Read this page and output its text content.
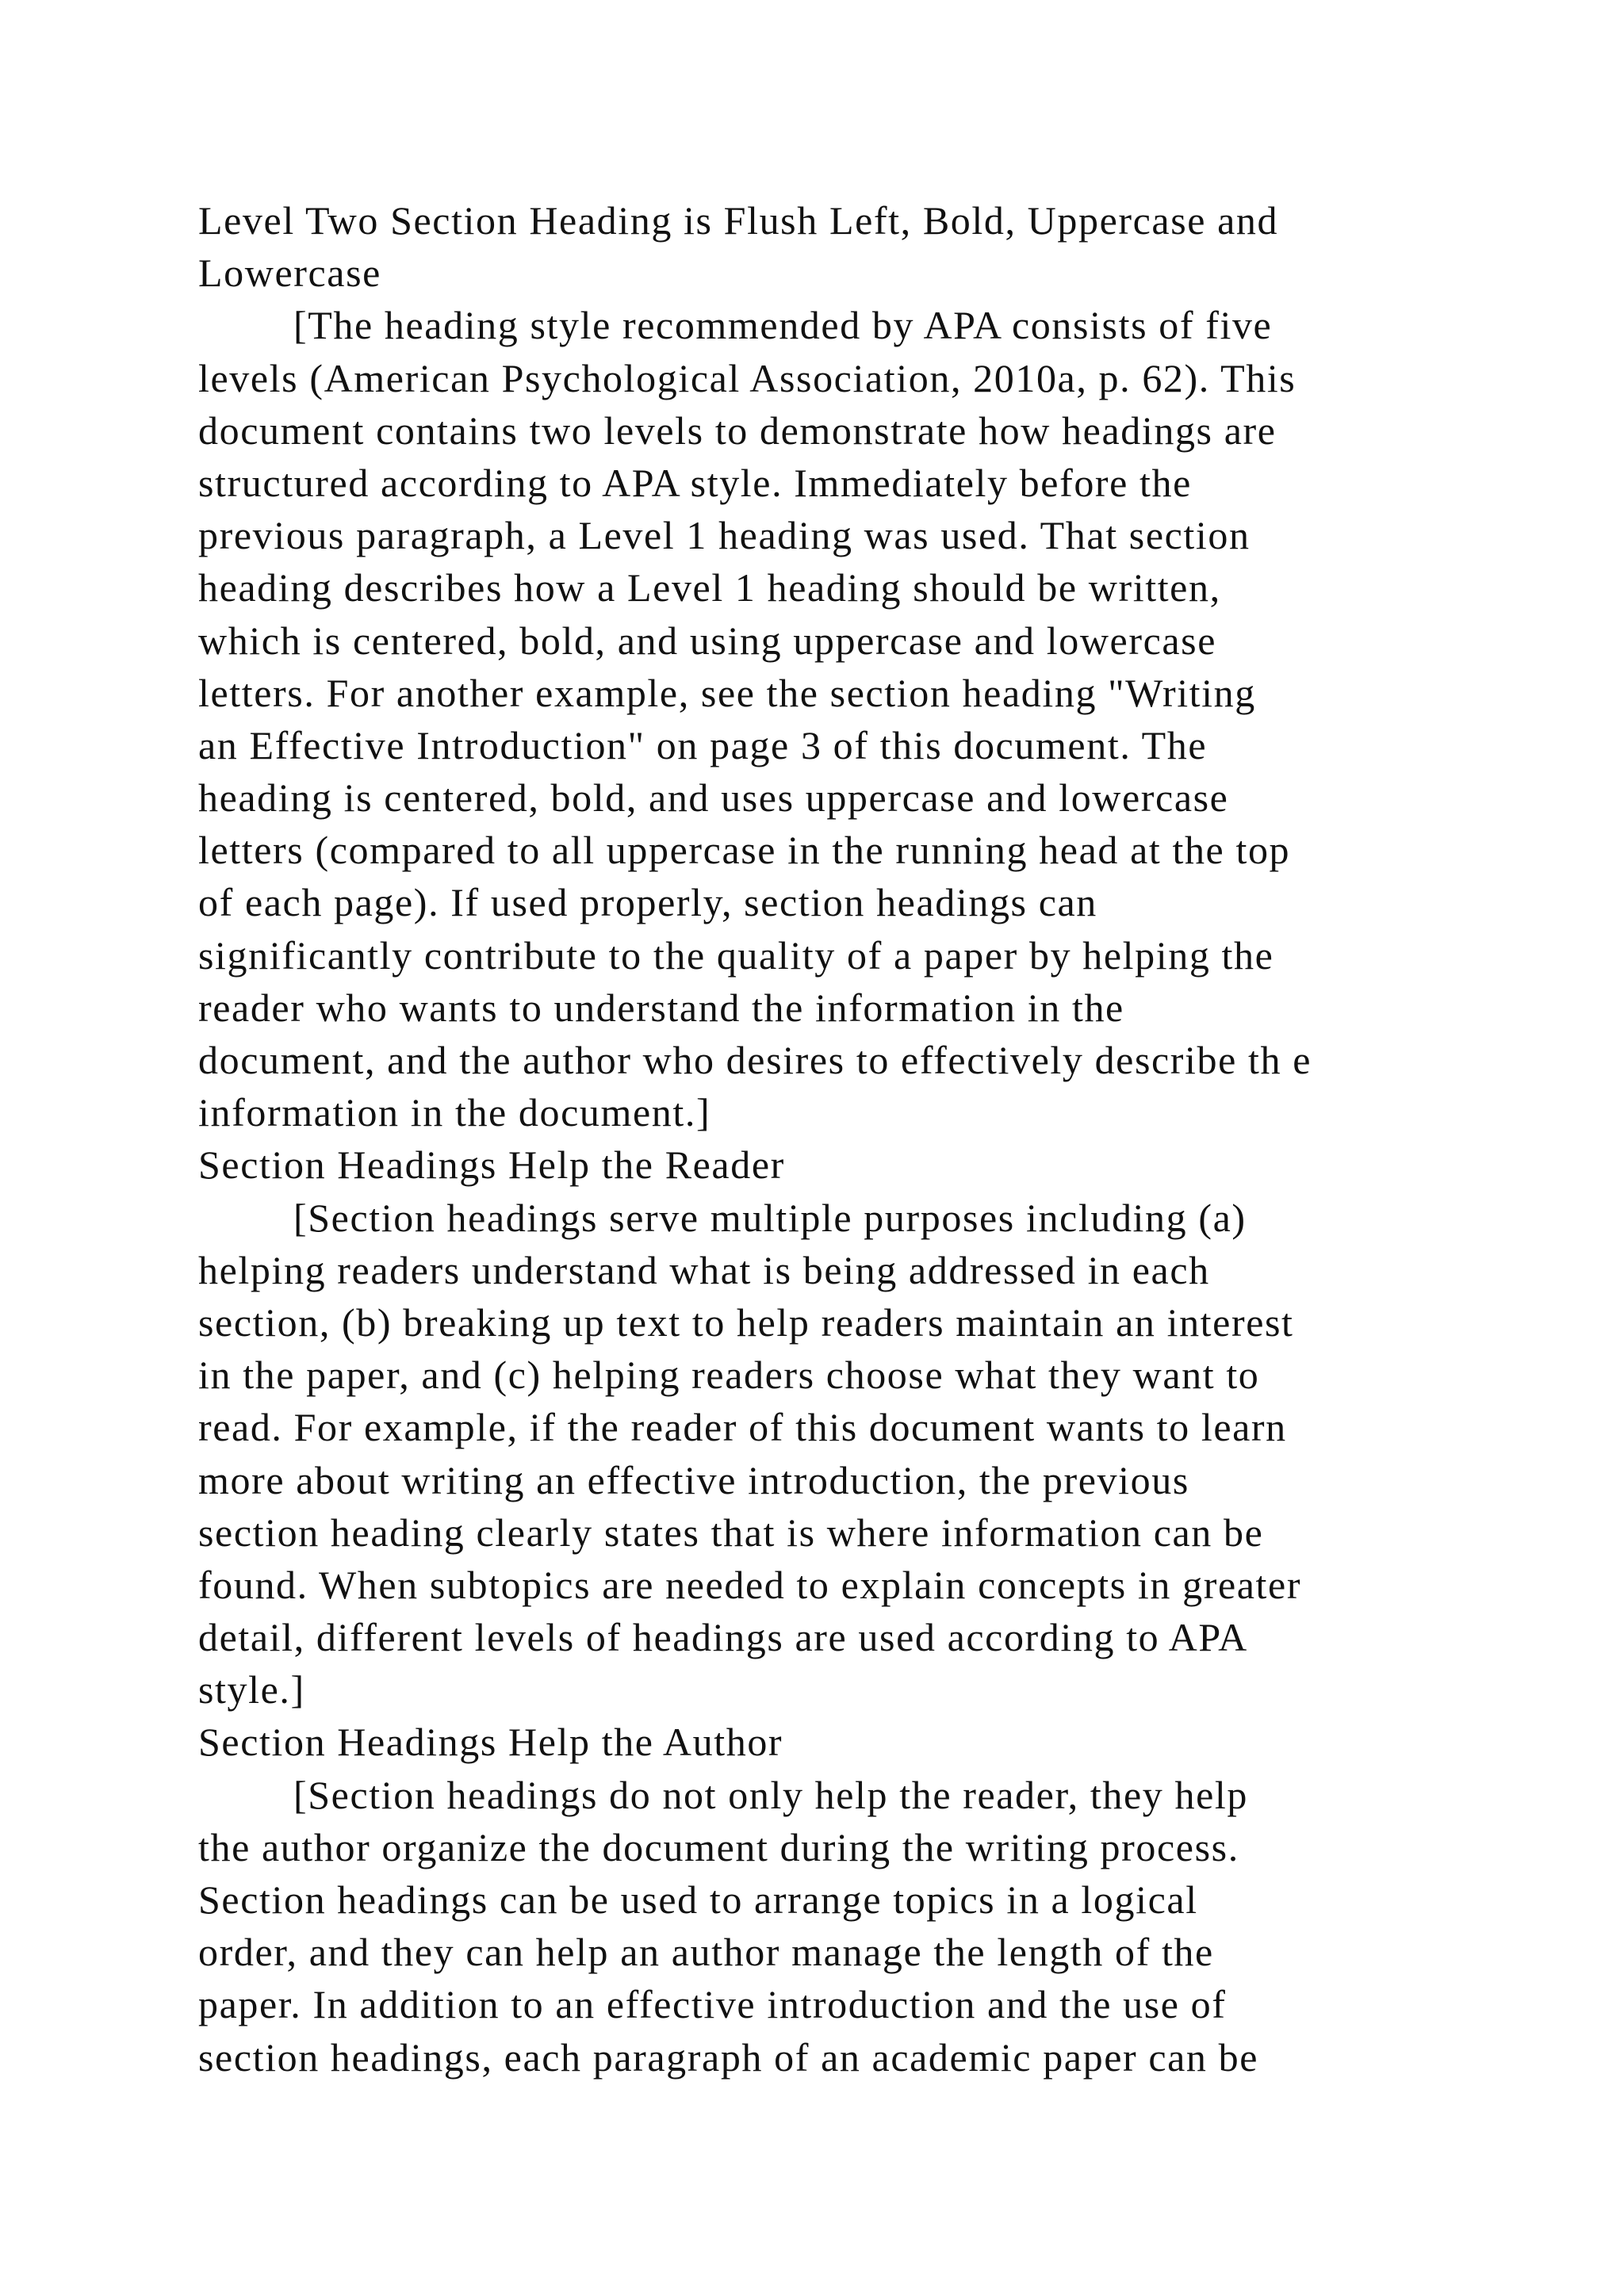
Level Two Section Heading is Flush Left, Bold, Uppercase and
Lowercase
[The heading style recommended by APA consists of five
levels (American Psychological Association, 2010a, p. 62). This
document contains two levels to demonstrate how headings are
structured according to APA style. Immediately before the
previous paragraph, a Level 1 heading was used. That section
heading describes how a Level 1 heading should be written,
which is centered, bold, and using uppercase and lowercase
letters. For another example, see the section heading "Writing
an Effective Introduction" on page 3 of this document. The
heading is centered, bold, and uses uppercase and lowercase
letters (compared to all uppercase in the running head at the top
of each page). If used properly, section headings can
significantly contribute to the quality of a paper by helping the
reader who wants to understand the information in the
document, and the author who desires to effectively describe th e
information in the document.]
Section Headings Help the Reader
[Section headings serve multiple purposes including (a)
helping readers understand what is being addressed in each
section, (b) breaking up text to help readers maintain an interest
in the paper, and (c) helping readers choose what they want to
read. For example, if the reader of this document wants to learn
more about writing an effective introduction, the previous
section heading clearly states that is where information can be
found. When subtopics are needed to explain concepts in greater
detail, different levels of headings are used according to APA
style.]
Section Headings Help the Author
[Section headings do not only help the reader, they help
the author organize the document during the writing process.
Section headings can be used to arrange topics in a logical
order, and they can help an author manage the length of the
paper. In addition to an effective introduction and the use of
section headings, each paragraph of an academic paper can be
